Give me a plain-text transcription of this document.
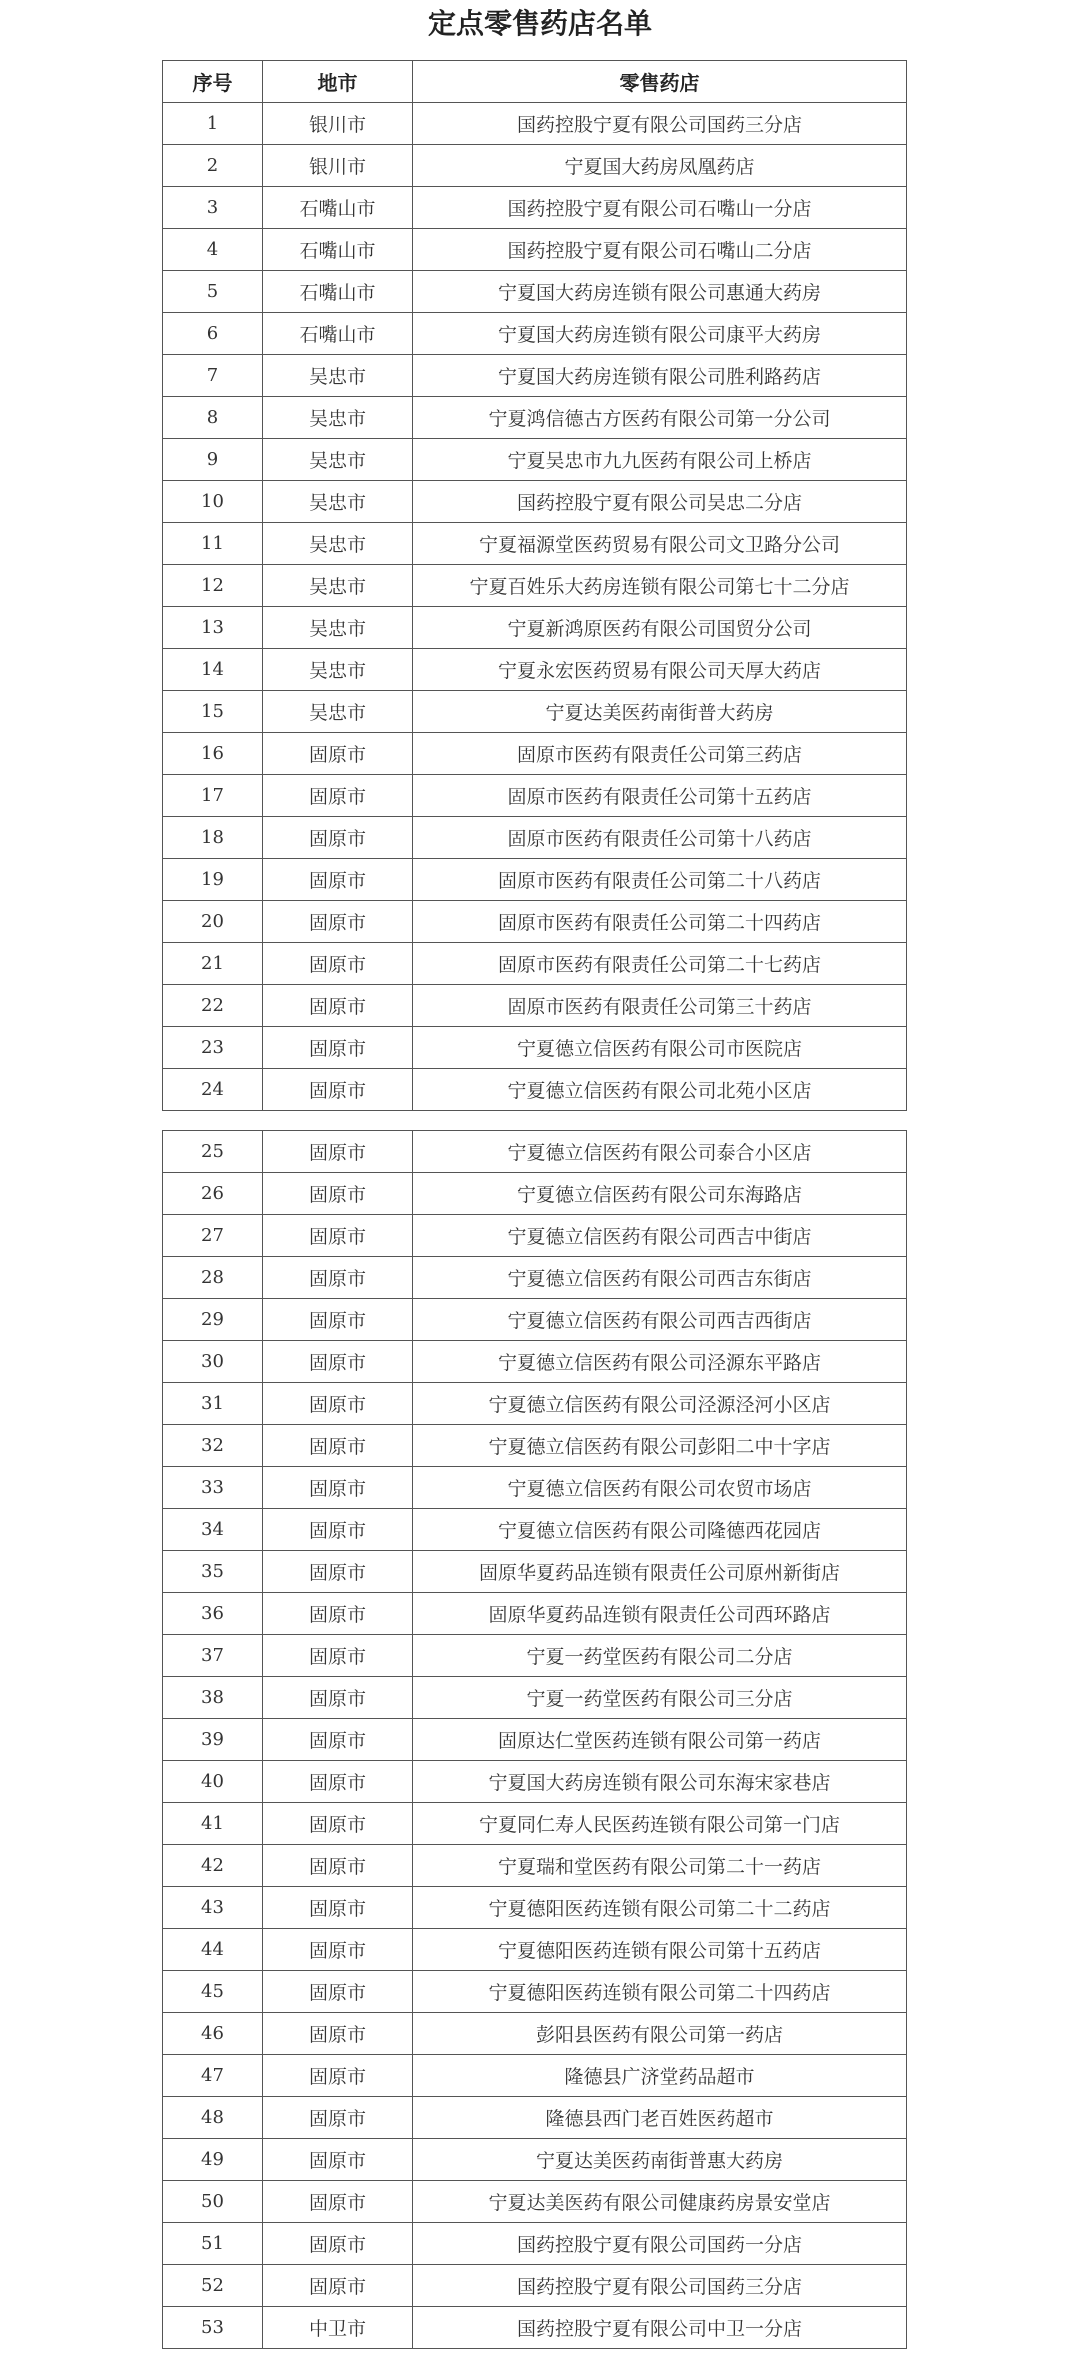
定点零售药店名单
序号	地市	零售药店
1	银川市	国药控股宁夏有限公司国药三分店
2	银川市	宁夏国大药房凤凰药店
3	石嘴山市	国药控股宁夏有限公司石嘴山一分店
4	石嘴山市	国药控股宁夏有限公司石嘴山二分店
5	石嘴山市	宁夏国大药房连锁有限公司惠通大药房
6	石嘴山市	宁夏国大药房连锁有限公司康平大药房
7	吴忠市	宁夏国大药房连锁有限公司胜利路药店
8	吴忠市	宁夏鸿信德古方医药有限公司第一分公司
9	吴忠市	宁夏吴忠市九九医药有限公司上桥店
10	吴忠市	国药控股宁夏有限公司吴忠二分店
11	吴忠市	宁夏福源堂医药贸易有限公司文卫路分公司
12	吴忠市	宁夏百姓乐大药房连锁有限公司第七十二分店
13	吴忠市	宁夏新鸿原医药有限公司国贸分公司
14	吴忠市	宁夏永宏医药贸易有限公司天厚大药店
15	吴忠市	宁夏达美医药南街普大药房
16	固原市	固原市医药有限责任公司第三药店
17	固原市	固原市医药有限责任公司第十五药店
18	固原市	固原市医药有限责任公司第十八药店
19	固原市	固原市医药有限责任公司第二十八药店
20	固原市	固原市医药有限责任公司第二十四药店
21	固原市	固原市医药有限责任公司第二十七药店
22	固原市	固原市医药有限责任公司第三十药店
23	固原市	宁夏德立信医药有限公司市医院店
24	固原市	宁夏德立信医药有限公司北苑小区店
25	固原市	宁夏德立信医药有限公司泰合小区店
26	固原市	宁夏德立信医药有限公司东海路店
27	固原市	宁夏德立信医药有限公司西吉中街店
28	固原市	宁夏德立信医药有限公司西吉东街店
29	固原市	宁夏德立信医药有限公司西吉西街店
30	固原市	宁夏德立信医药有限公司泾源东平路店
31	固原市	宁夏德立信医药有限公司泾源泾河小区店
32	固原市	宁夏德立信医药有限公司彭阳二中十字店
33	固原市	宁夏德立信医药有限公司农贸市场店
34	固原市	宁夏德立信医药有限公司隆德西花园店
35	固原市	固原华夏药品连锁有限责任公司原州新街店
36	固原市	固原华夏药品连锁有限责任公司西环路店
37	固原市	宁夏一药堂医药有限公司二分店
38	固原市	宁夏一药堂医药有限公司三分店
39	固原市	固原达仁堂医药连锁有限公司第一药店
40	固原市	宁夏国大药房连锁有限公司东海宋家巷店
41	固原市	宁夏同仁寿人民医药连锁有限公司第一门店
42	固原市	宁夏瑞和堂医药有限公司第二十一药店
43	固原市	宁夏德阳医药连锁有限公司第二十二药店
44	固原市	宁夏德阳医药连锁有限公司第十五药店
45	固原市	宁夏德阳医药连锁有限公司第二十四药店
46	固原市	彭阳县医药有限公司第一药店
47	固原市	隆德县广济堂药品超市
48	固原市	隆德县西门老百姓医药超市
49	固原市	宁夏达美医药南街普惠大药房
50	固原市	宁夏达美医药有限公司健康药房景安堂店
51	固原市	国药控股宁夏有限公司国药一分店
52	固原市	国药控股宁夏有限公司国药三分店
53	中卫市	国药控股宁夏有限公司中卫一分店
